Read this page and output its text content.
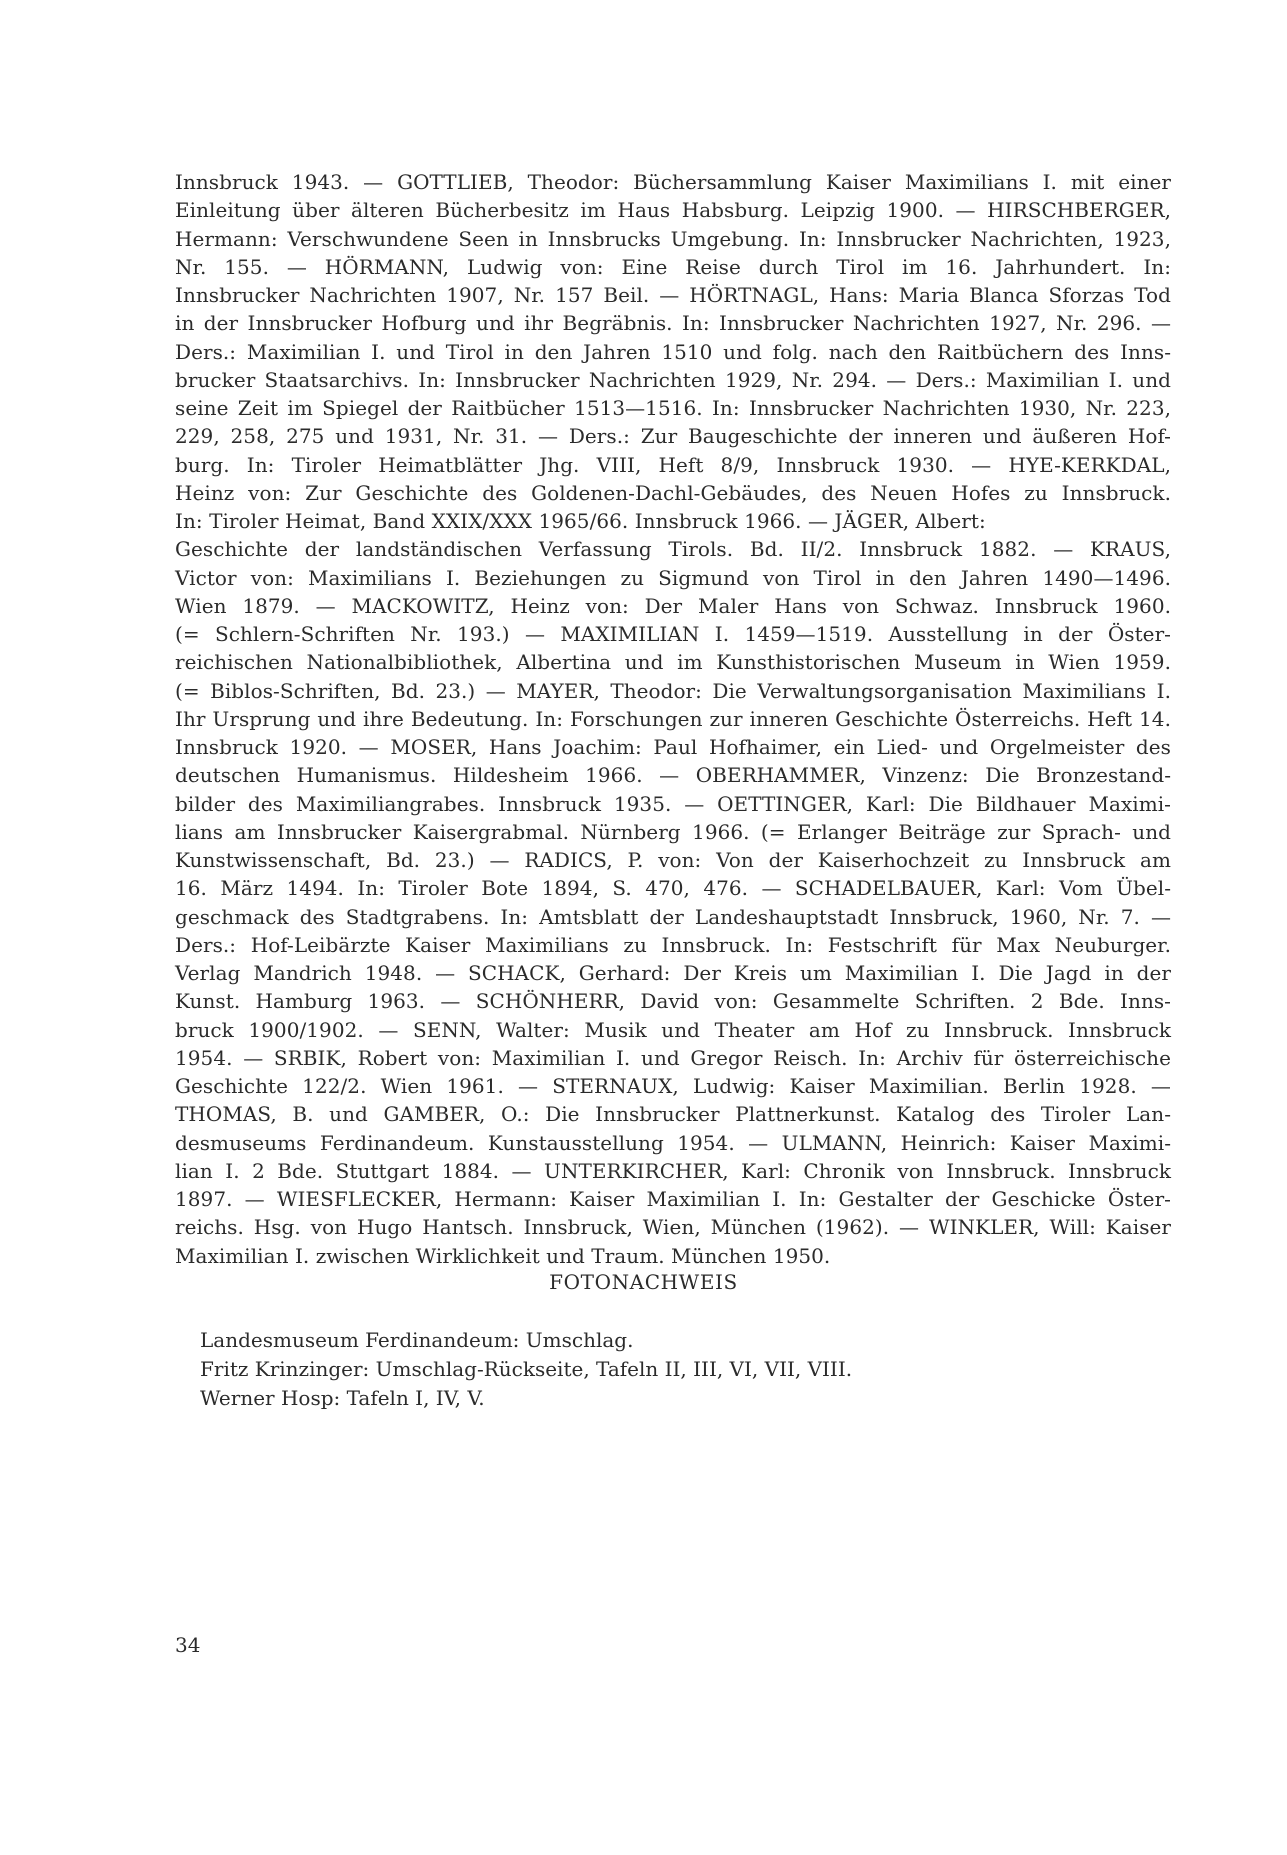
Innsbruck 1943. — GOTTLIEB, Theodor: Büchersammlung Kaiser Maximilians I. mit einer
Einleitung über älteren Bücherbesitz im Haus Habsburg. Leipzig 1900. — HIRSCHBERGER,
Hermann: Verschwundene Seen in Innsbrucks Umgebung. In: Innsbrucker Nachrichten, 1923,
Nr. 155. — HÖRMANN, Ludwig von: Eine Reise durch Tirol im 16. Jahrhundert. In:
Innsbrucker Nachrichten 1907, Nr. 157 Beil. — HÖRTNAGL, Hans: Maria Blanca Sforzas Tod
in der Innsbrucker Hofburg und ihr Begräbnis. In: Innsbrucker Nachrichten 1927, Nr. 296. —
Ders.: Maximilian I. und Tirol in den Jahren 1510 und folg. nach den Raitbüchern des Inns-
brucker Staatsarchivs. In: Innsbrucker Nachrichten 1929, Nr. 294. — Ders.: Maximilian I. und
seine Zeit im Spiegel der Raitbücher 1513—1516. In: Innsbrucker Nachrichten 1930, Nr. 223,
229, 258, 275 und 1931, Nr. 31. — Ders.: Zur Baugeschichte der inneren und äußeren Hof-
burg. In: Tiroler Heimatblätter Jhg. VIII, Heft 8/9, Innsbruck 1930. — HYE-KERKDAL,
Heinz von: Zur Geschichte des Goldenen-Dachl-Gebäudes, des Neuen Hofes zu Innsbruck.
In: Tiroler Heimat, Band XXIX/XXX 1965/66. Innsbruck 1966. — JÄGER, Albert:
Geschichte der landständischen Verfassung Tirols. Bd. II/2. Innsbruck 1882. — KRAUS,
Victor von: Maximilians I. Beziehungen zu Sigmund von Tirol in den Jahren 1490—1496.
Wien 1879. — MACKOWITZ, Heinz von: Der Maler Hans von Schwaz. Innsbruck 1960.
(= Schlern-Schriften Nr. 193.) — MAXIMILIAN I. 1459—1519. Ausstellung in der Öster-
reichischen Nationalbibliothek, Albertina und im Kunsthistorischen Museum in Wien 1959.
(= Biblos-Schriften, Bd. 23.) — MAYER, Theodor: Die Verwaltungsorganisation Maximilians I.
Ihr Ursprung und ihre Bedeutung. In: Forschungen zur inneren Geschichte Österreichs. Heft 14.
Innsbruck 1920. — MOSER, Hans Joachim: Paul Hofhaimer, ein Lied- und Orgelmeister des
deutschen Humanismus. Hildesheim 1966. — OBERHAMMER, Vinzenz: Die Bronzestand-
bilder des Maximiliangrabes. Innsbruck 1935. — OETTINGER, Karl: Die Bildhauer Maximi-
lians am Innsbrucker Kaisergrabmal. Nürnberg 1966. (= Erlanger Beiträge zur Sprach- und
Kunstwissenschaft, Bd. 23.) — RADICS, P. von: Von der Kaiserhochzeit zu Innsbruck am
16. März 1494. In: Tiroler Bote 1894, S. 470, 476. — SCHADELBAUER, Karl: Vom Übel-
geschmack des Stadtgrabens. In: Amtsblatt der Landeshauptstadt Innsbruck, 1960, Nr. 7. —
Ders.: Hof-Leibärzte Kaiser Maximilians zu Innsbruck. In: Festschrift für Max Neuburger.
Verlag Mandrich 1948. — SCHACK, Gerhard: Der Kreis um Maximilian I. Die Jagd in der
Kunst. Hamburg 1963. — SCHÖNHERR, David von: Gesammelte Schriften. 2 Bde. Inns-
bruck 1900/1902. — SENN, Walter: Musik und Theater am Hof zu Innsbruck. Innsbruck
1954. — SRBIK, Robert von: Maximilian I. und Gregor Reisch. In: Archiv für österreichische
Geschichte 122/2. Wien 1961. — STERNAUX, Ludwig: Kaiser Maximilian. Berlin 1928. —
THOMAS, B. und GAMBER, O.: Die Innsbrucker Plattnerkunst. Katalog des Tiroler Lan-
desmuseums Ferdinandeum. Kunstausstellung 1954. — ULMANN, Heinrich: Kaiser Maximi-
lian I. 2 Bde. Stuttgart 1884. — UNTERKIRCHER, Karl: Chronik von Innsbruck. Innsbruck
1897. — WIESFLECKER, Hermann: Kaiser Maximilian I. In: Gestalter der Geschicke Öster-
reichs. Hsg. von Hugo Hantsch. Innsbruck, Wien, München (1962). — WINKLER, Will: Kaiser
Maximilian I. zwischen Wirklichkeit und Traum. München 1950.
FOTONACHWEIS
Landesmuseum Ferdinandeum: Umschlag.
Fritz Krinzinger: Umschlag-Rückseite, Tafeln II, III, VI, VII, VIII.
Werner Hosp: Tafeln I, IV, V.
34
